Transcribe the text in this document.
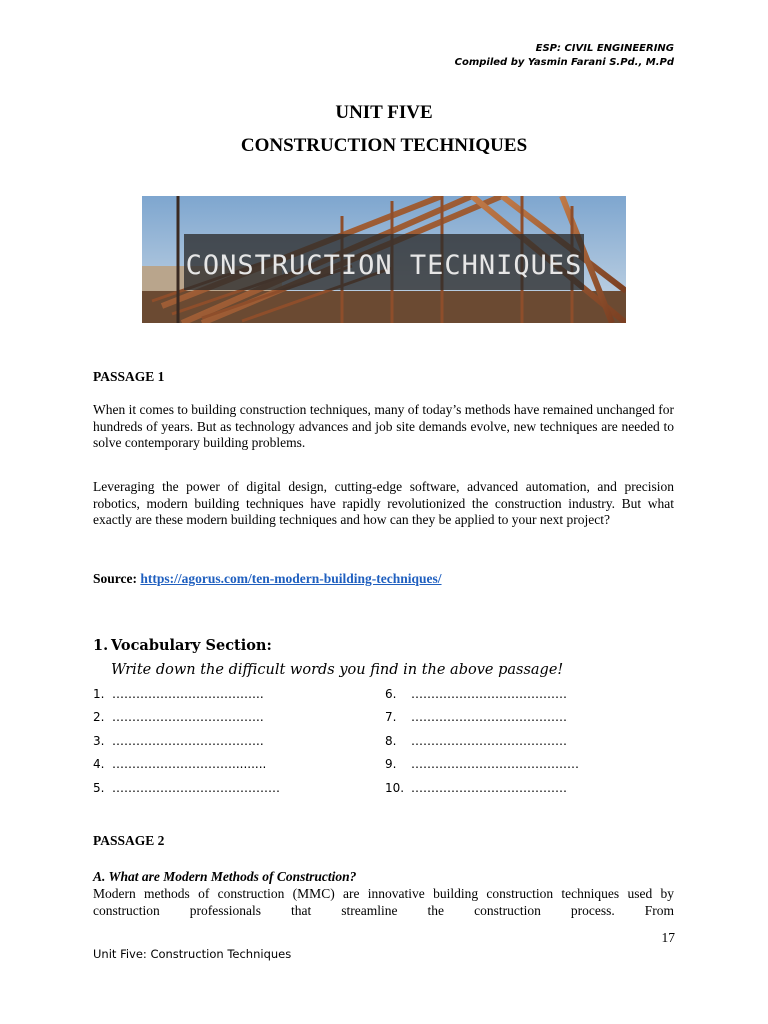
ESP: CIVIL ENGINEERING
Compiled by Yasmin Farani S.Pd., M.Pd
UNIT FIVE
CONSTRUCTION TECHNIQUES
CONSTRUCTION TECHNIQUES
PASSAGE 1
When it comes to building construction techniques, many of today’s methods have remained unchanged for hundreds of years. But as technology advances and job site demands evolve, new techniques are needed to solve contemporary building problems.
Leveraging the power of digital design, cutting-edge software, advanced automation, and precision robotics, modern building techniques have rapidly revolutionized the construction industry. But what exactly are these modern building techniques and how can they be applied to your next project?
Source: https://agorus.com/ten-modern-building-techniques/
1. Vocabulary Section:
Write down the difficult words you find in the above passage!
1. ………………………………..
2. ………………………………..
3. ………………………………..
4. ………………………….........
5. ……………………………………
6. …………………………………
7. …………………………………
8. …………………………………
9. ……………………………………
10. …………………………………
PASSAGE 2
A. What are Modern Methods of Construction?
Modern methods of construction (MMC) are innovative building construction techniques used by construction professionals that streamline the construction process. From
17
Unit Five: Construction Techniques
